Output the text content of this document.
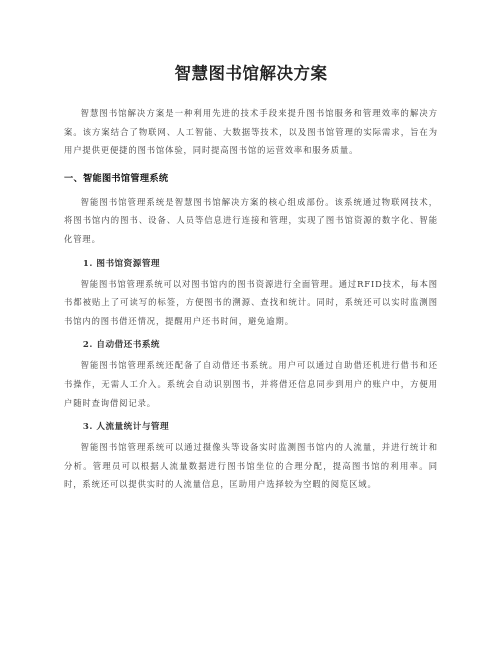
智慧图书馆解决方案

智慧图书馆解决方案是一种利用先进的技术手段来提升图书馆服务和管理效率的解决方案。该方案结合了物联网、人工智能、大数据等技术，以及图书馆管理的实际需求，旨在为用户提供更便捷的图书馆体验，同时提高图书馆的运营效率和服务质量。

一、智能图书馆管理系统

智能图书馆管理系统是智慧图书馆解决方案的核心组成部份。该系统通过物联网技术，将图书馆内的图书、设备、人员等信息进行连接和管理，实现了图书馆资源的数字化、智能化管理。

1. 图书馆资源管理

智能图书馆管理系统可以对图书馆内的图书资源进行全面管理。通过RFID技术，每本图书都被贴上了可读写的标签，方便图书的溯源、查找和统计。同时，系统还可以实时监测图书馆内的图书借还情况，提醒用户还书时间，避免逾期。

2. 自动借还书系统

智能图书馆管理系统还配备了自动借还书系统。用户可以通过自助借还机进行借书和还书操作，无需人工介入。系统会自动识别图书，并将借还信息同步到用户的账户中，方便用户随时查询借阅记录。

3. 人流量统计与管理

智能图书馆管理系统可以通过摄像头等设备实时监测图书馆内的人流量，并进行统计和分析。管理员可以根据人流量数据进行图书馆坐位的合理分配，提高图书馆的利用率。同时，系统还可以提供实时的人流量信息，匡助用户选择较为空暇的阅览区域。
